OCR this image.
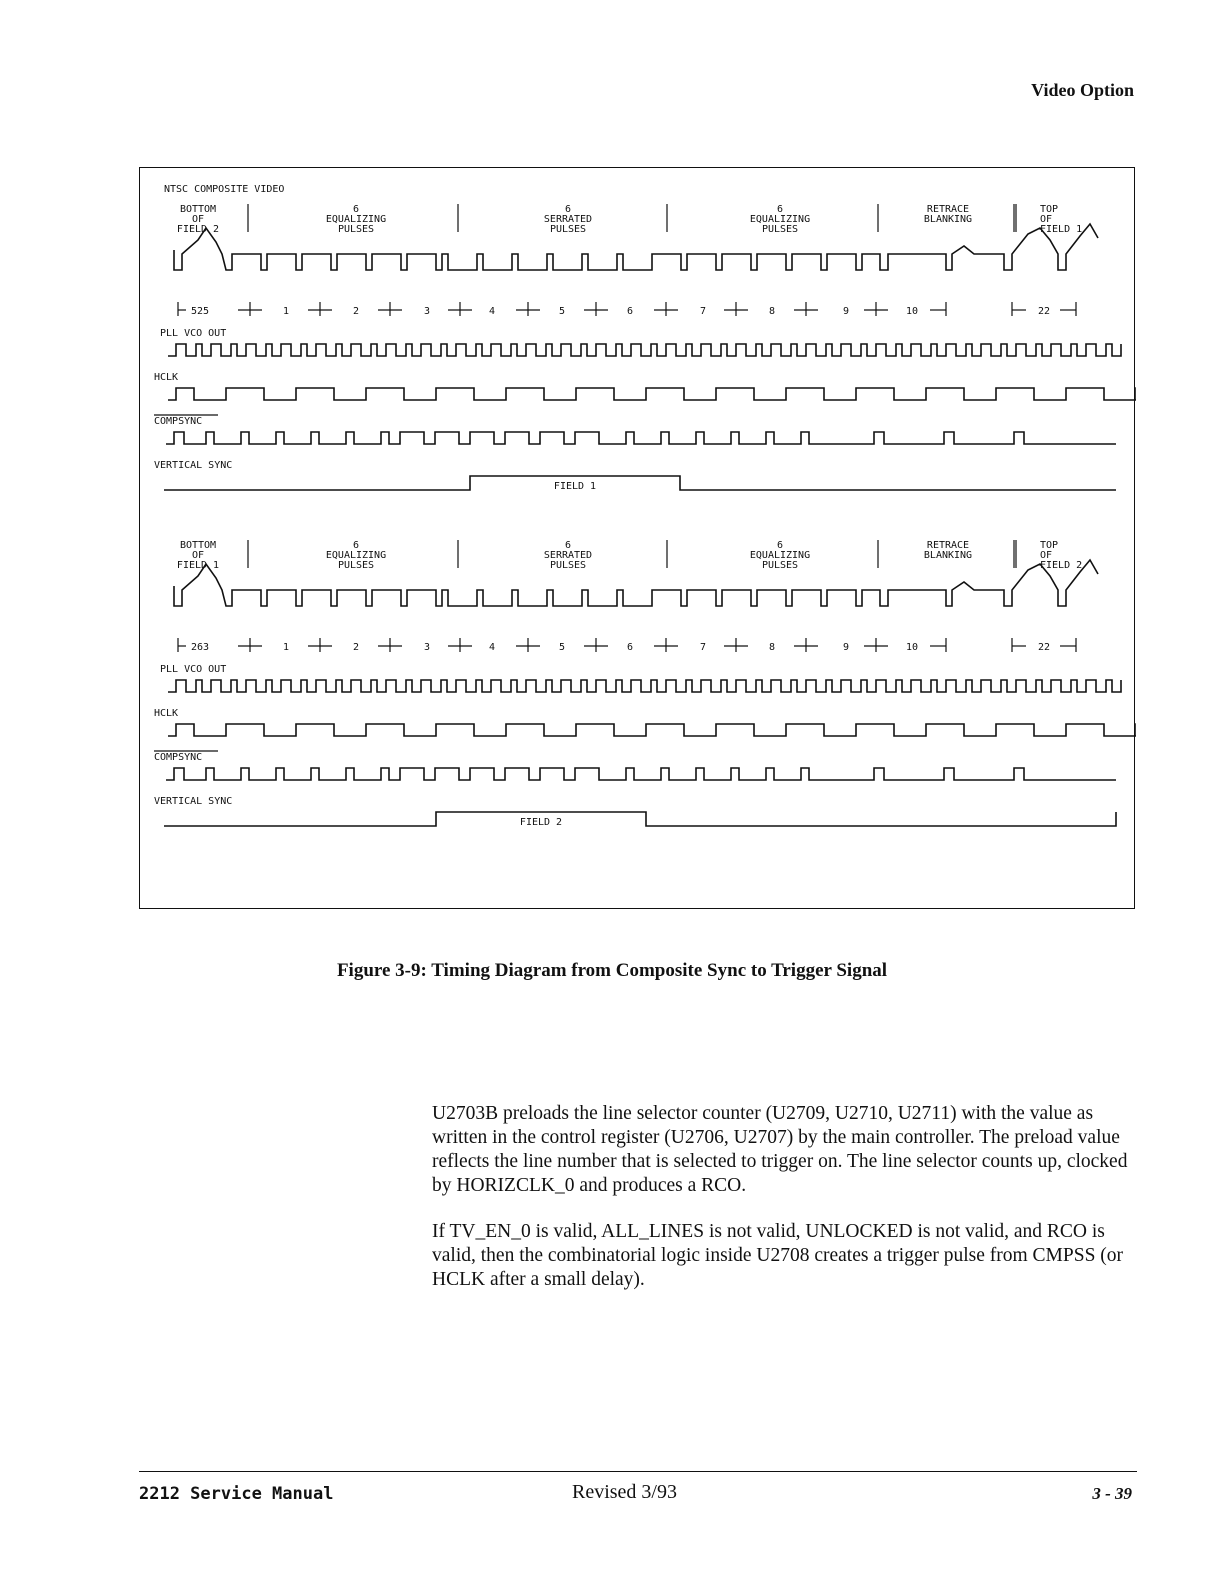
Video Option
NTSC COMPOSITE VIDEO
BOTTOM
OF
FIELD 2
6
EQUALIZING
PULSES
6
SERRATED
PULSES
6
EQUALIZING
PULSES
RETRACE
BLANKING
TOP
OF
FIELD 1
525	1	2	3	4	5	6	7	8	9	10	22
PLL VCO OUT
HCLK
COMPSYNC
VERTICAL SYNC
FIELD 1
BOTTOM
OF
FIELD 1
6
EQUALIZING
PULSES
6
SERRATED
PULSES
6
EQUALIZING
PULSES
RETRACE
BLANKING
TOP
OF
FIELD 2
263	1	2	3	4	5	6	7	8	9	10	22
PLL VCO OUT
HCLK
COMPSYNC
VERTICAL SYNC
FIELD 2
Figure 3-9: Timing Diagram from Composite Sync to Trigger Signal
U2703B preloads the line selector counter (U2709, U2710, U2711) with the value as written in the control register (U2706, U2707) by the main controller. The preload value reflects the line number that is selected to trigger on. The line selector counts up, clocked by HORIZCLK_0 and produces a RCO.
If TV_EN_0 is valid, ALL_LINES is not valid, UNLOCKED is not valid, and RCO is valid, then the combinatorial logic inside U2708 creates a trigger pulse from CMPSS (or HCLK after a small delay).
2212 Service Manual	Revised 3/93	3 - 39
